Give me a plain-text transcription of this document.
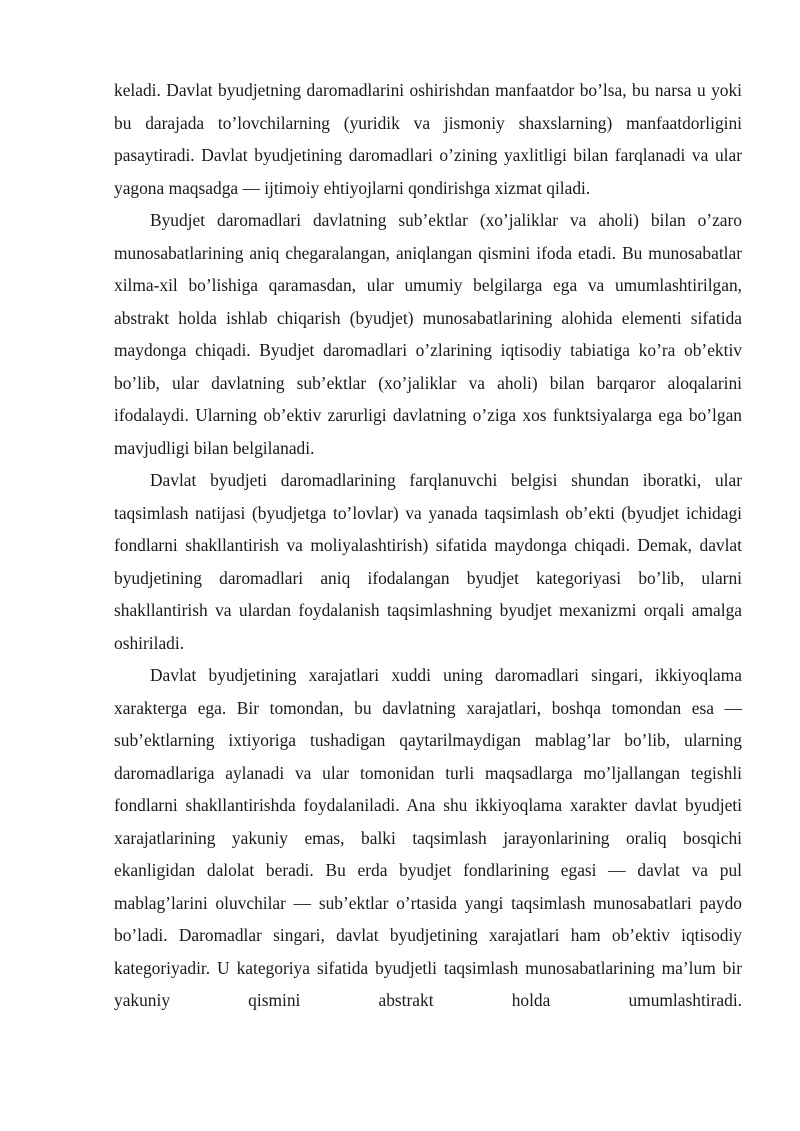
keladi. Davlat byudjetning daromadlarini oshirishdan manfaatdor bo’lsa, bu narsa u yoki bu darajada to’lovchilarning (yuridik va jismoniy shaxslarning) manfaatdorligini pasaytiradi. Davlat byudjetining daromadlari o’zining yaxlitligi bilan farqlanadi va ular yagona maqsadga — ijtimoiy ehtiyojlarni qondirishga xizmat qiladi.

Byudjet daromadlari davlatning sub’ektlar (xo’jaliklar va aholi) bilan o’zaro munosabatlarining aniq chegaralangan, aniqlangan qismini ifoda etadi. Bu munosabatlar xilma-xil bo’lishiga qaramasdan, ular umumiy belgilarga ega va umumlashtirilgan, abstrakt holda ishlab chiqarish (byudjet) munosabatlarining alohida elementi sifatida maydonga chiqadi. Byudjet daromadlari o’zlarining iqtisodiy tabiatiga ko’ra ob’ektiv bo’lib, ular davlatning sub’ektlar (xo’jaliklar va aholi) bilan barqaror aloqalarini ifodalaydi. Ularning ob’ektiv zarurligi davlatning o’ziga xos funktsiyalarga ega bo’lgan mavjudligi bilan belgilanadi.

Davlat byudjeti daromadlarining farqlanuvchi belgisi shundan iboratki, ular taqsimlash natijasi (byudjetga to’lovlar) va yanada taqsimlash ob’ekti (byudjet ichidagi fondlarni shakllantirish va moliyalashtirish) sifatida maydonga chiqadi. Demak, davlat byudjetining daromadlari aniq ifodalangan byudjet kategoriyasi bo’lib, ularni shakllantirish va ulardan foydalanish taqsimlashning byudjet mexanizmi orqali amalga oshiriladi.

Davlat byudjetining xarajatlari xuddi uning daromadlari singari, ikkiyoqlama xarakterga ega. Bir tomondan, bu davlatning xarajatlari, boshqa tomondan esa — sub’ektlarning ixtiyoriga tushadigan qaytarilmaydigan mablag’lar bo’lib, ularning daromadlariga aylanadi va ular tomonidan turli maqsadlarga mo’ljallangan tegishli fondlarni shakllantirishda foydalaniladi. Ana shu ikkiyoqlama xarakter davlat byudjeti xarajatlarining yakuniy emas, balki taqsimlash jarayonlarining oraliq bosqichi ekanligidan dalolat beradi. Bu erda byudjet fondlarining egasi — davlat va pul mablag’larini oluvchilar — sub’ektlar o’rtasida yangi taqsimlash munosabatlari paydo bo’ladi. Daromadlar singari, davlat byudjetining xarajatlari ham ob’ektiv iqtisodiy kategoriyadir. U kategoriya sifatida byudjetli taqsimlash munosabatlarining ma’lum bir yakuniy qismini abstrakt holda umumlashtiradi.
